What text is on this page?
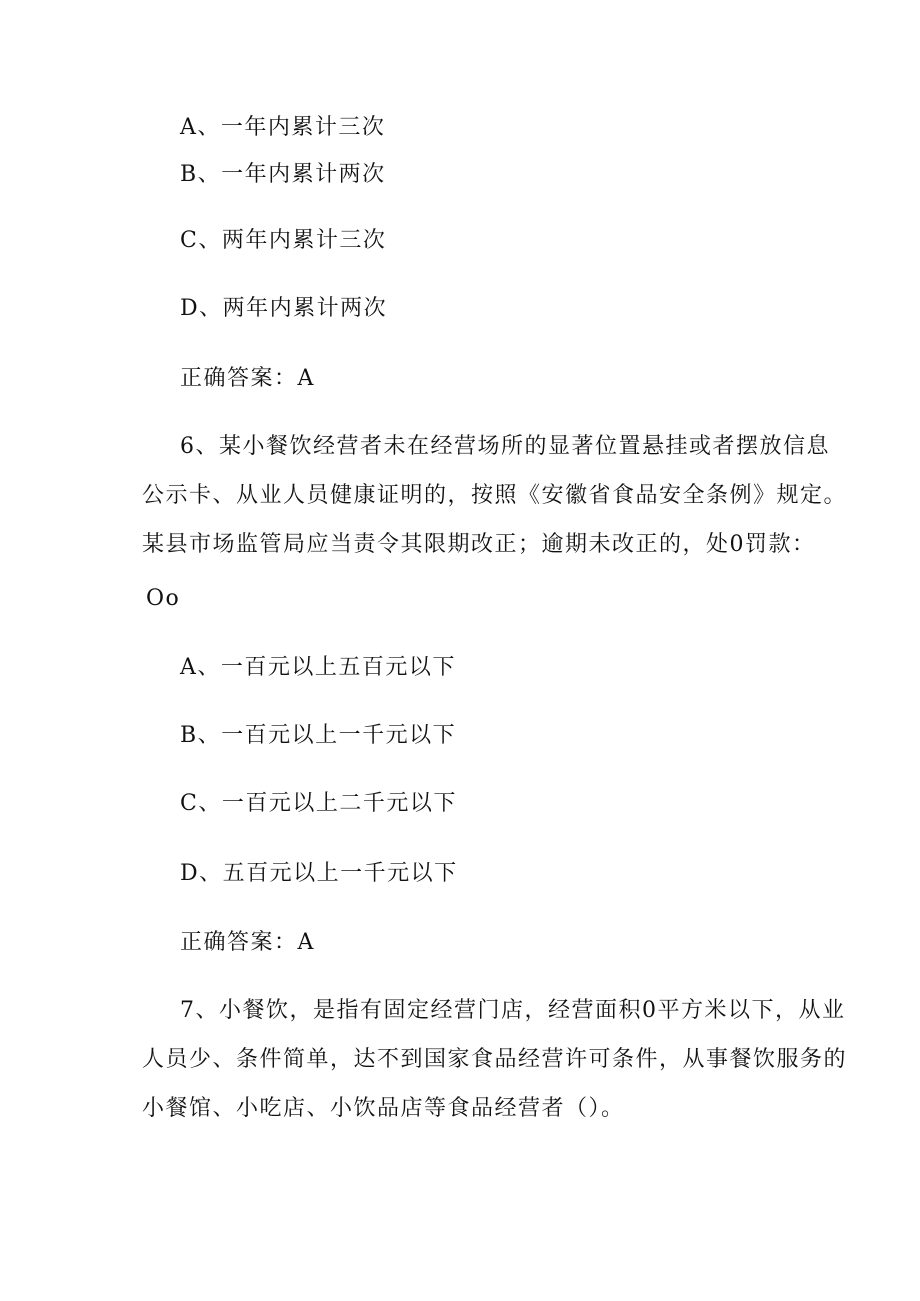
A、一年内累计三次
B、一年内累计两次
C、两年内累计三次
D、两年内累计两次
正确答案：A
6、某小餐饮经营者未在经营场所的显著位置悬挂或者摆放信息
公示卡、从业人员健康证明的，按照《安徽省食品安全条例》规定。
某县市场监管局应当责令其限期改正；逾期未改正的，处0罚款：
Oo
A、一百元以上五百元以下
B、一百元以上一千元以下
C、一百元以上二千元以下
D、五百元以上一千元以下
正确答案：A
7、小餐饮，是指有固定经营门店，经营面积0平方米以下，从业
人员少、条件简单，达不到国家食品经营许可条件，从事餐饮服务的
小餐馆、小吃店、小饮品店等食品经营者（）。
